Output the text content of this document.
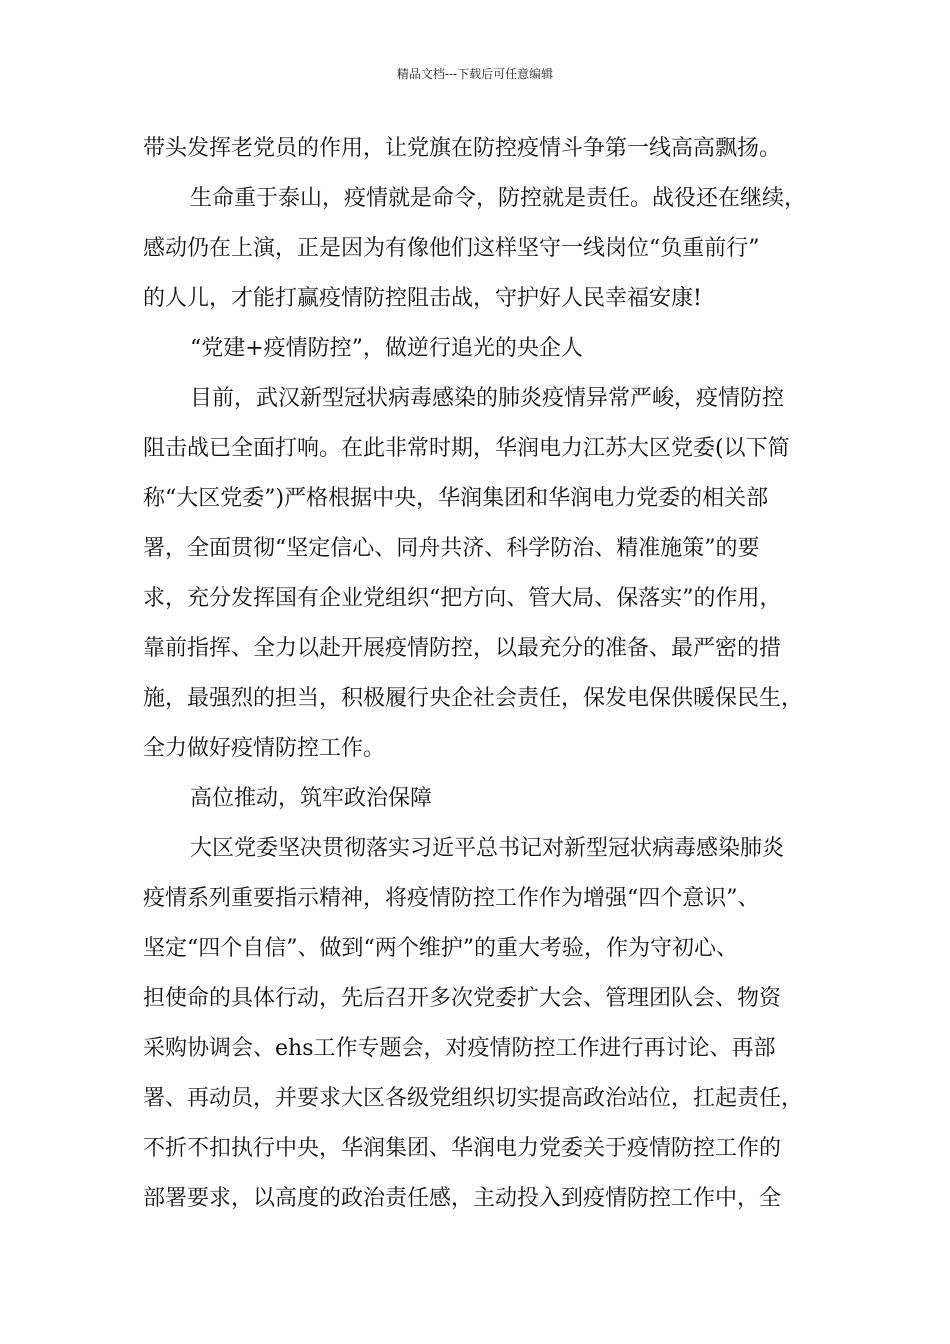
精品文档---下载后可任意编辑
带头发挥老党员的作用，让党旗在防控疫情斗争第一线高高飘扬。
生命重于泰山，疫情就是命令，防控就是责任。战役还在继续，
感动仍在上演，正是因为有像他们这样坚守一线岗位“负重前行”
的人儿，才能打赢疫情防控阻击战，守护好人民幸福安康!
“党建+疫情防控”，做逆行追光的央企人
目前，武汉新型冠状病毒感染的肺炎疫情异常严峻，疫情防控
阻击战已全面打响。在此非常时期，华润电力江苏大区党委(以下简
称“大区党委”)严格根据中央，华润集团和华润电力党委的相关部
署，全面贯彻“坚定信心、同舟共济、科学防治、精准施策”的要
求，充分发挥国有企业党组织“把方向、管大局、保落实”的作用，
靠前指挥、全力以赴开展疫情防控，以最充分的准备、最严密的措
施，最强烈的担当，积极履行央企社会责任，保发电保供暖保民生，
全力做好疫情防控工作。
高位推动，筑牢政治保障
大区党委坚决贯彻落实习近平总书记对新型冠状病毒感染肺炎
疫情系列重要指示精神，将疫情防控工作作为增强“四个意识”、
坚定“四个自信”、做到“两个维护”的重大考验，作为守初心、
担使命的具体行动，先后召开多次党委扩大会、管理团队会、物资
采购协调会、ehs工作专题会，对疫情防控工作进行再讨论、再部
署、再动员，并要求大区各级党组织切实提高政治站位，扛起责任，
不折不扣执行中央，华润集团、华润电力党委关于疫情防控工作的
部署要求，以高度的政治责任感，主动投入到疫情防控工作中，全
